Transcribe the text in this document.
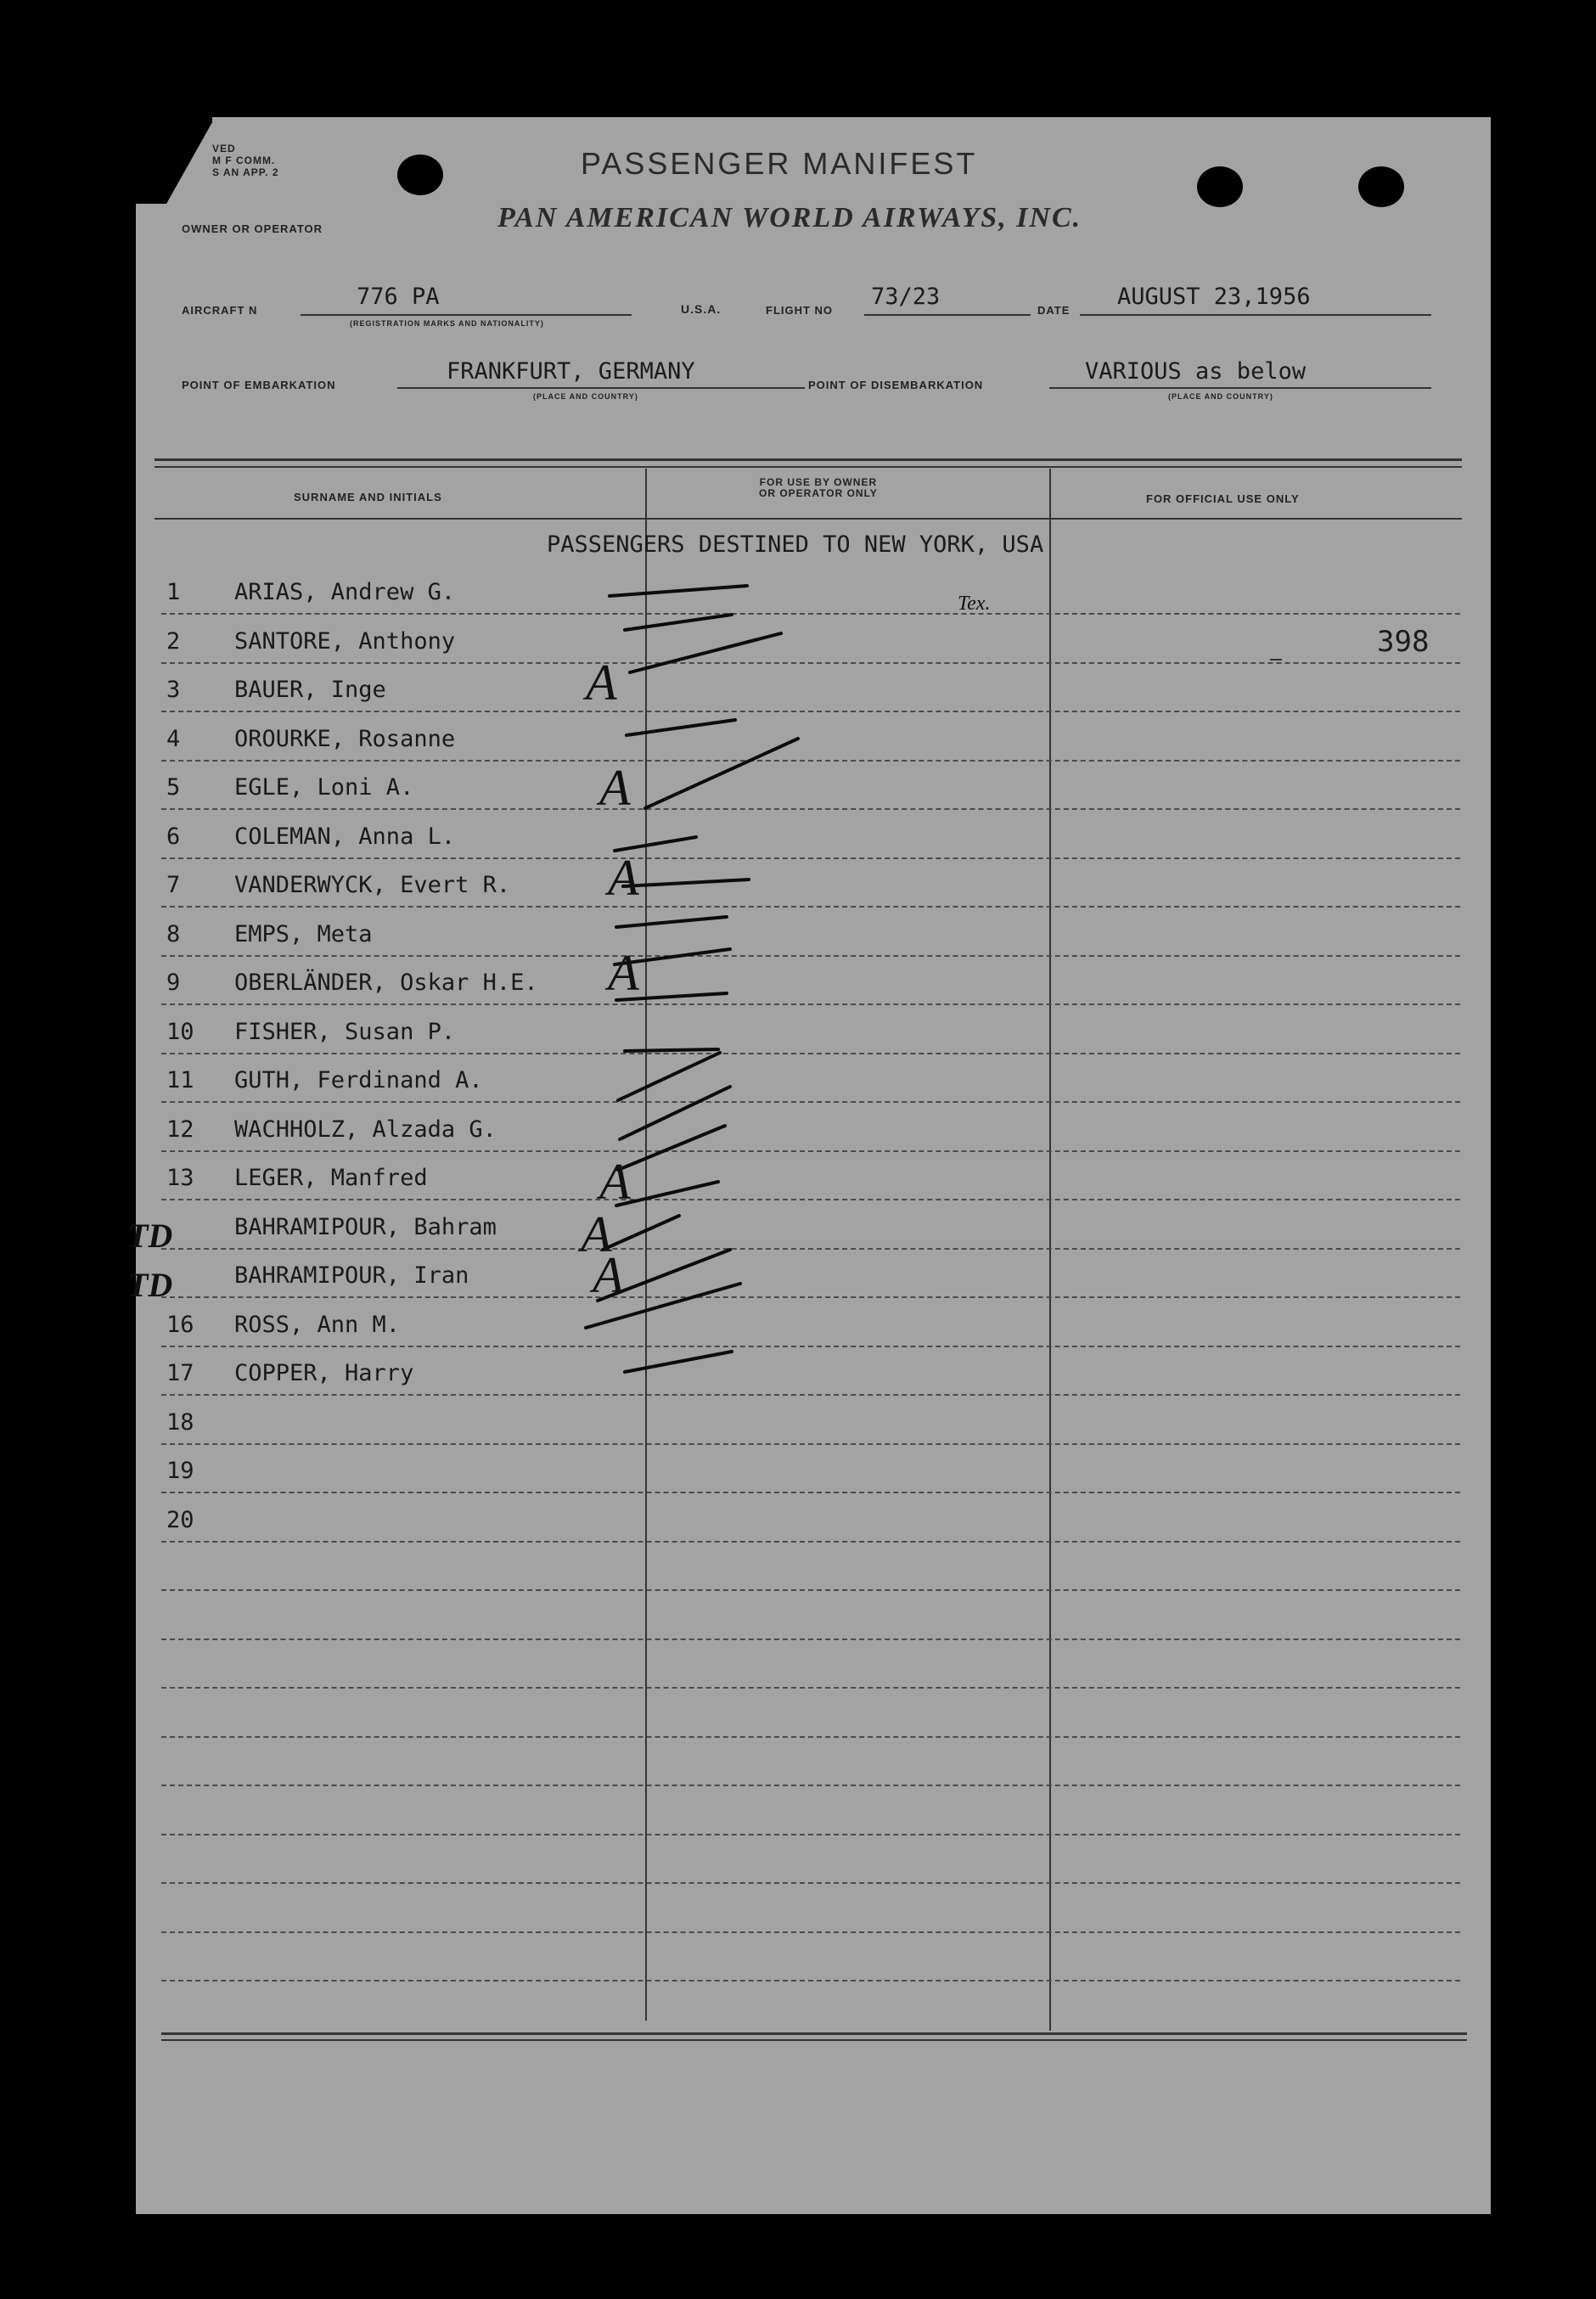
VED
M F COMM.
S AN APP. 2
OWNER OR OPERATOR
PASSENGER MANIFEST
PAN AMERICAN WORLD AIRWAYS, INC.
AIRCRAFT N
776 PA
(REGISTRATION MARKS AND NATIONALITY)
U.S.A.	FLIGHT NO
73/23
DATE
AUGUST 23,1956
POINT OF EMBARKATION
FRANKFURT, GERMANY
(PLACE AND COUNTRY)
POINT OF DISEMBARKATION
VARIOUS as below
(PLACE AND COUNTRY)
SURNAME AND INITIALS
FOR USE BY OWNER
OR OPERATOR ONLY	FOR OFFICIAL USE ONLY
PASSENGERS DESTINED TO NEW YORK, USA
1 ARIAS, Andrew G.
2 SANTORE, Anthony
3 BAUER, Inge
4 OROURKE, Rosanne
5 EGLE, Loni A.
6 COLEMAN, Anna L.
7 VANDERWYCK, Evert R.
8 EMPS, Meta
9 OBERLÄNDER, Oskar H.E.
10 FISHER, Susan P.
11 GUTH, Ferdinand A.
12 WACHHOLZ, Alzada G.
13 LEGER, Manfred
BAHRAMIPOUR, Bahram
BAHRAMIPOUR, Iran
16 ROSS, Ann M.
17 COPPER, Harry
18
19
20
Tex.
398
TD
TD
A
A
A
A
A
A
A
